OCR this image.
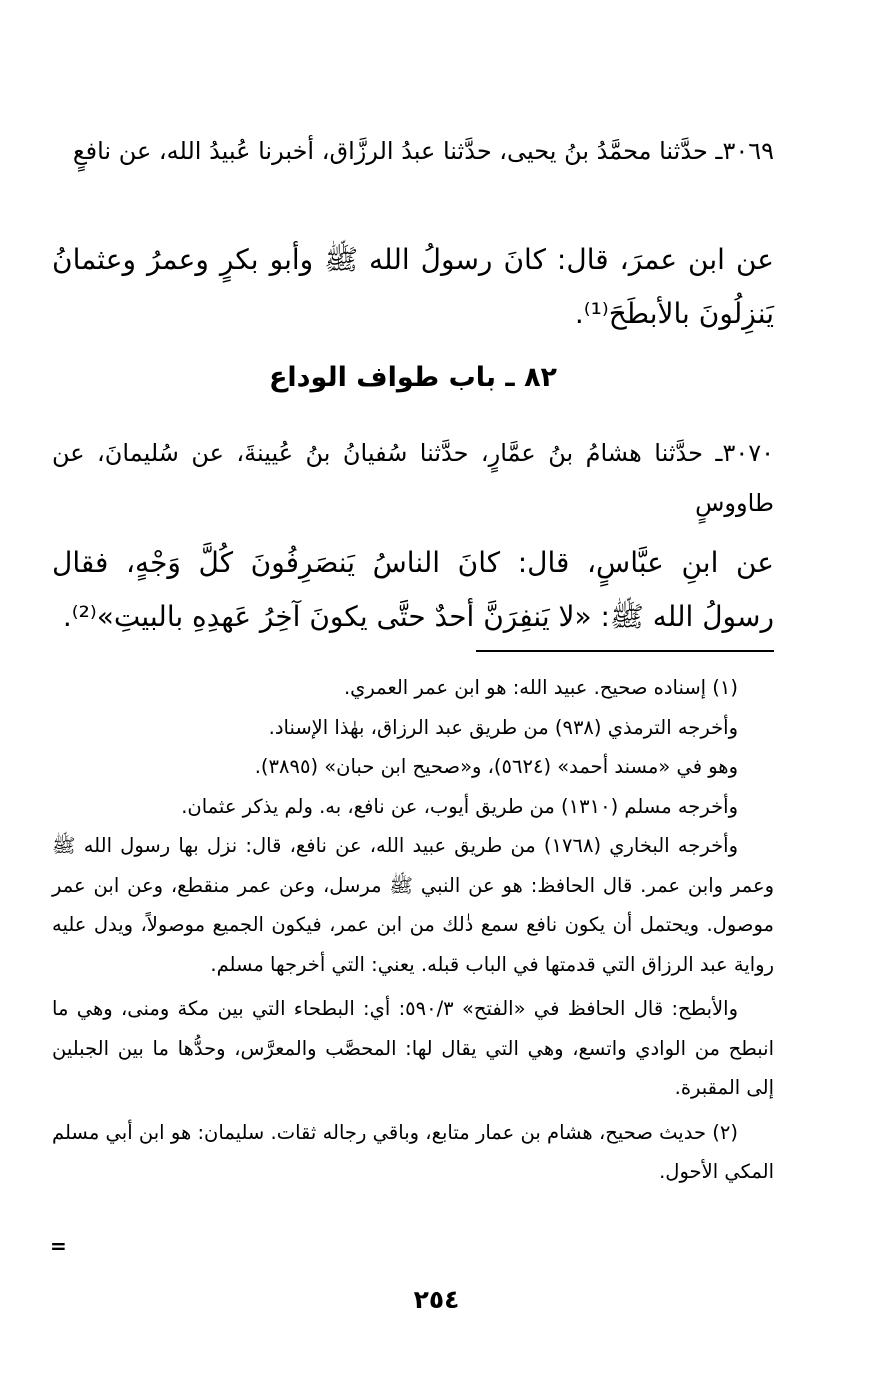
٣٠٦٩ـ حدَّثنا محمَّدُ بنُ يحيى، حدَّثنا عبدُ الرزَّاق، أخبرنا عُبيدُ الله، عن نافعٍ
عن ابن عمرَ، قال: كانَ رسولُ الله ﷺ وأبو بكرٍ وعمرُ وعثمانُ يَنزِلُونَ بالأبطَحَ⁽¹⁾.
٨٢ ـ باب طواف الوداع
٣٠٧٠ـ حدَّثنا هشامُ بنُ عمَّارٍ، حدَّثنا سُفيانُ بنُ عُيينةَ، عن سُليمانَ، عن طاووسٍ
عن ابنِ عبَّاسٍ، قال: كانَ الناسُ يَنصَرِفُونَ كُلَّ وَجْهٍ، فقال رسولُ الله ﷺ: «لا يَنفِرَنَّ أحدٌ حتَّى يكونَ آخِرُ عَهدِهِ بالبيتِ»⁽²⁾.

(١) إسناده صحيح. عبيد الله: هو ابن عمر العمري.

وأخرجه الترمذي (٩٣٨) من طريق عبد الرزاق، بهٰذا الإسناد.

وهو في «مسند أحمد» (٥٦٢٤)، و«صحيح ابن حبان» (٣٨٩٥).

وأخرجه مسلم (١٣١٠) من طريق أيوب، عن نافع، به. ولم يذكر عثمان.

وأخرجه البخاري (١٧٦٨) من طريق عبيد الله، عن نافع، قال: نزل بها رسول الله ﷺ وعمر وابن عمر. قال الحافظ: هو عن النبي ﷺ مرسل، وعن عمر منقطع، وعن ابن عمر موصول. ويحتمل أن يكون نافع سمع ذٰلك من ابن عمر، فيكون الجميع موصولاً، ويدل عليه رواية عبد الرزاق التي قدمتها في الباب قبله. يعني: التي أخرجها مسلم.

والأبطح: قال الحافظ في «الفتح» ٥٩٠/٣: أي: البطحاء التي بين مكة ومنى، وهي ما انبطح من الوادي واتسع، وهي التي يقال لها: المحصَّب والمعرَّس، وحدُّها ما بين الجبلين إلى المقبرة.

(٢) حديث صحيح، هشام بن عمار متابع، وباقي رجاله ثقات. سليمان: هو ابن أبي مسلم المكي الأحول.

=
٢٥٤
